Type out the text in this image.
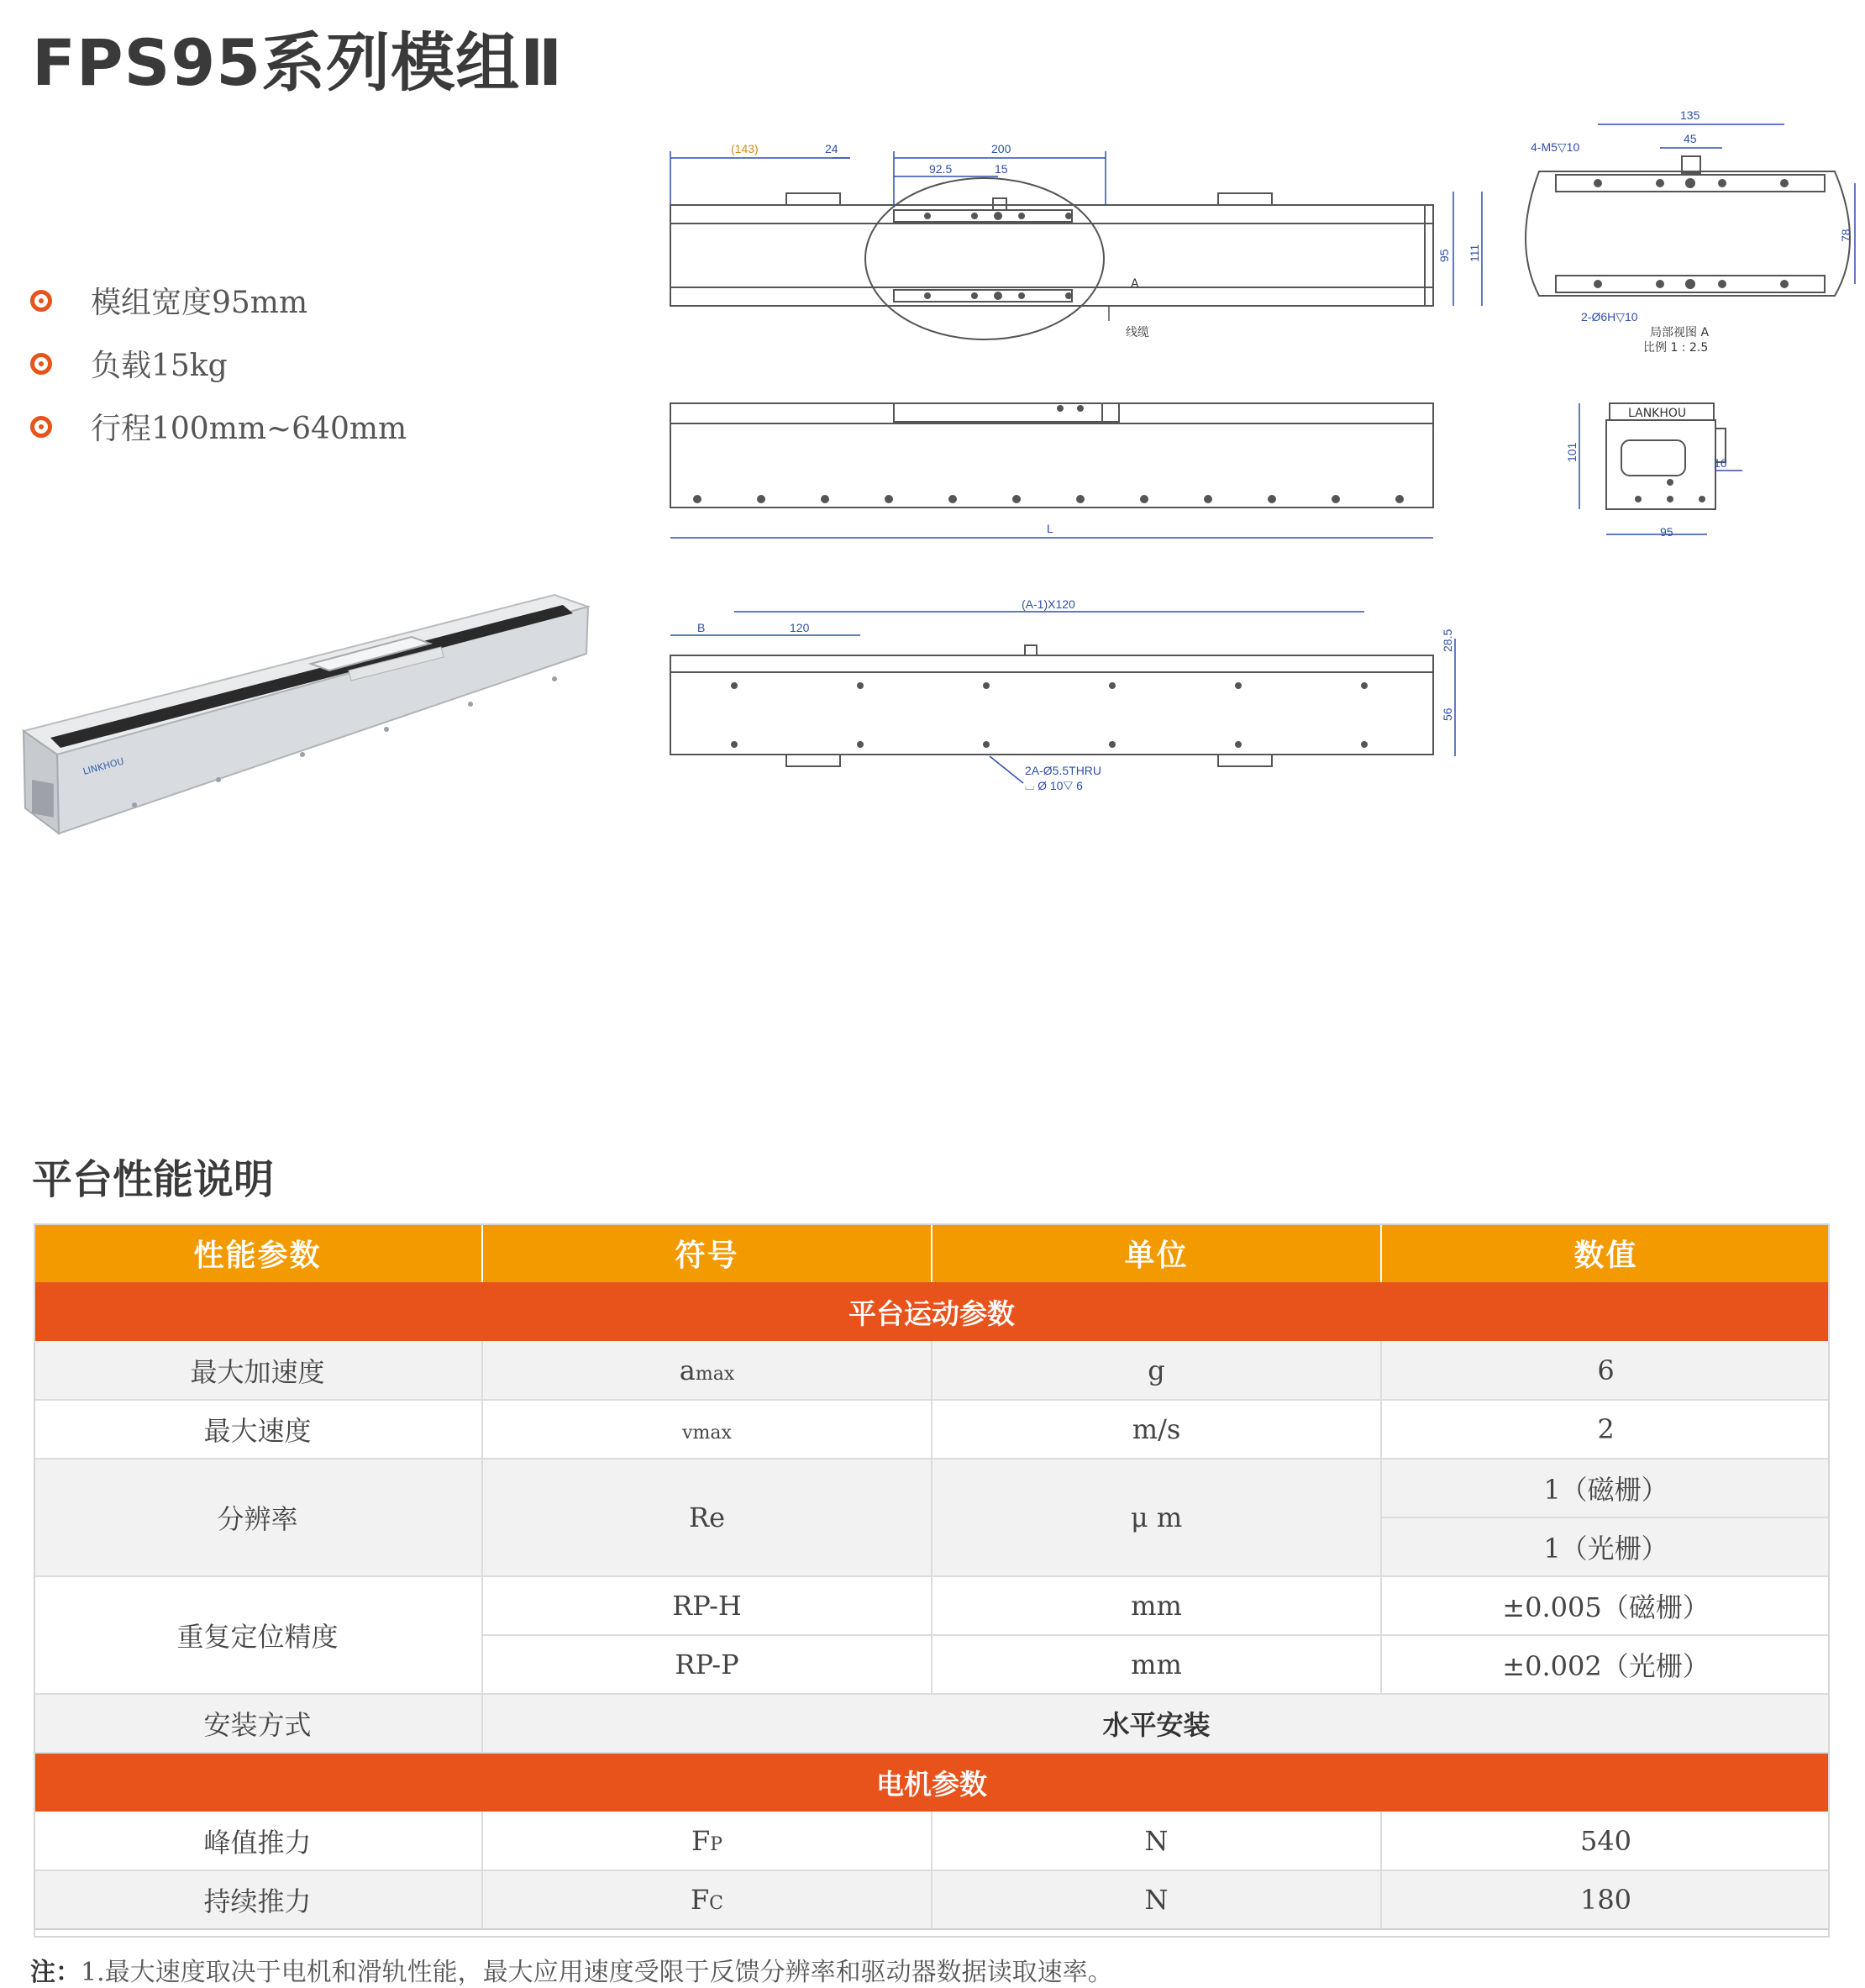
FPS95系列模组Ⅱ
模组宽度95mm
负载15kg
行程100mm~640mm
LINKHOU
(143)	24	200
92.5	15
95 111
A
线缆
135
45
4-M5▽10
78
2-Ø6H▽10
局部视图 A
比例 1 : 2.5
L
LANKHOU
101
16
95
(A-1)X120
B	120
28.5
56
2A-Ø5.5THRU
⌴ Ø 10▽ 6
平台性能说明
性能参数	符号	单位	数值
平台运动参数			
最大加速度	amax	g	6
最大速度	vmax	m/s	2
分辨率	Re	μ m	1（磁栅）
			1（光栅）
重复定位精度	RP-H	mm	±0.005（磁栅）
	RP-P	mm	±0.002（光栅）
安装方式	水平安装		
电机参数			
峰值推力	FP	N	540
持续推力	FC	N	180
注：1.最大速度取决于电机和滑轨性能，最大应用速度受限于反馈分辨率和驱动器数据读取速率。
